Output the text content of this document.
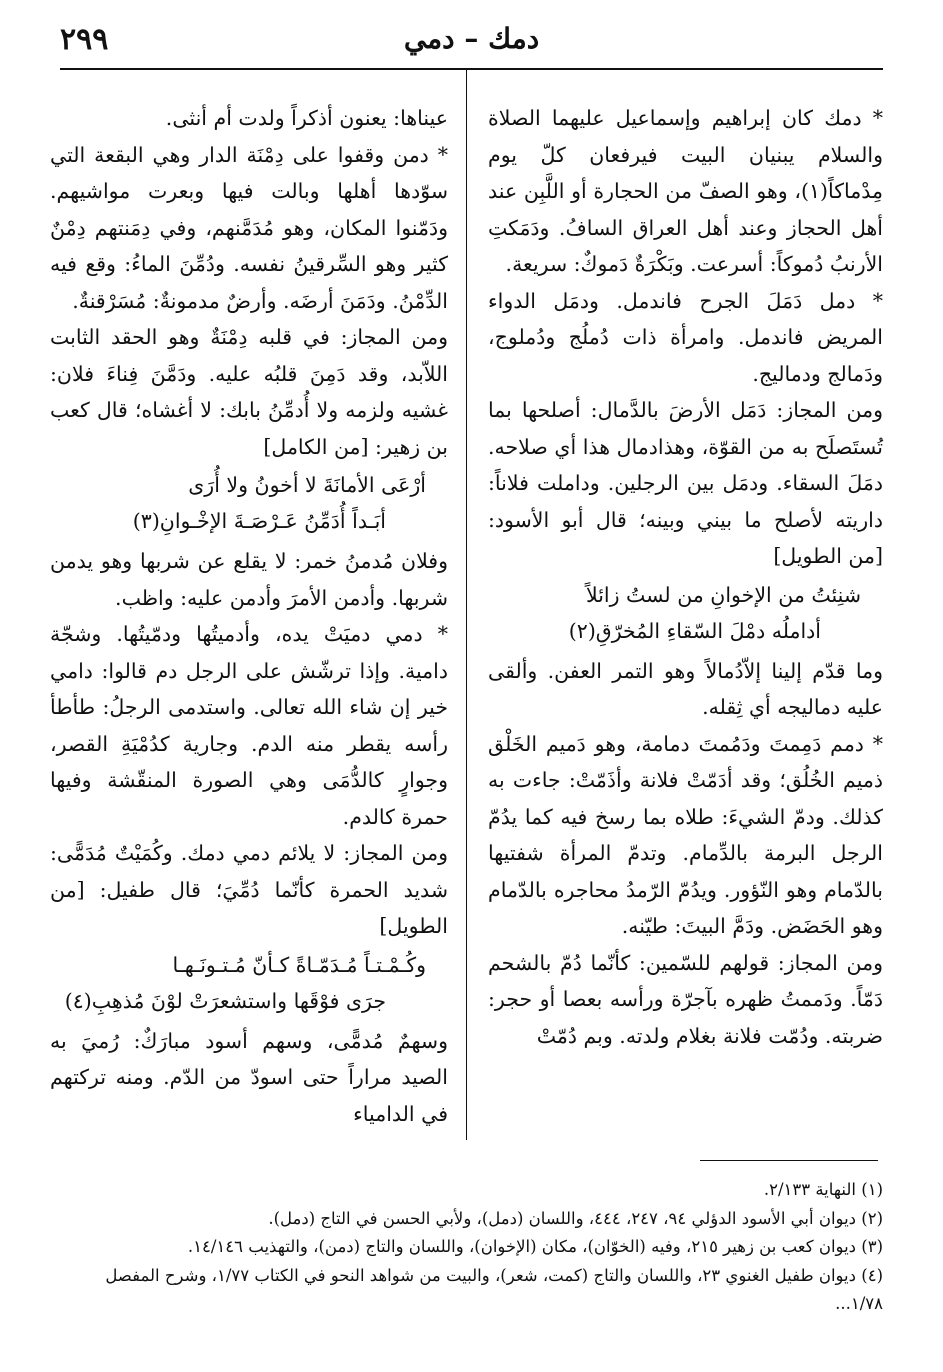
٢٩٩	دمك – دمي

* دمك كان إبراهيم وإسماعيل عليهما الصلاة والسلام يبنيان البيت فيرفعان كلّ يوم مِدْماكاً(١)، وهو الصفّ من الحجارة أو اللَّبِن عند أهل الحجاز وعند أهل العراق السافُ. ودَمَكتِ الأرنبُ دُموكاً: أسرعت. وبَكْرَةٌ دَموكٌ: سريعة.

* دمل دَمَلَ الجرح فاندمل. ودمَل الدواء المريض فاندمل. وامرأة ذات دُملُج ودُملوج، ودَمالج ودماليج.

ومن المجاز: دَمَل الأرضَ بالدَّمال: أصلحها بما تُستَصلَح به من القوّة، وهذادمال هذا أي صلاحه. دمَلَ السقاء. ودمَل بين الرجلين. وداملت فلاناً: داريته لأصلح ما بيني وبينه؛ قال أبو الأسود: [من الطويل]

شنِئتُ من الإخوانِ من لستُ زائلاً
أداملُه دمْلَ السّقاءِ المُخرّقِ(٢)

وما قدّم إلينا إلاّدُمالاً وهو التمر العفن. وألقى عليه دماليجه أي ثِقله.

* دمم دَمِمتَ ودَمُمتَ دمامة، وهو دَميم الخَلْق ذميم الخُلُق؛ وقد أدَمّتْ فلانة وأذَمّتْ: جاءت به كذلك. ودمّ الشيءَ: طلاه بما رسخ فيه كما يدُمّ الرجل البرمة بالدِّمام. وتدمّ المرأة شفتيها بالدّمام وهو النّؤور. ويدُمّ الرّمدُ محاجره بالدّمام وهو الحَضَض. ودَمَّ البيتَ: طيّنه.

ومن المجاز: قولهم للسّمين: كأنّما دُمّ بالشحم دَمّاً. ودَممتُ ظهره بآجرّة ورأسه بعصا أو حجر: ضربته. ودُمّت فلانة بغلام ولدته. وبم دُمّتْ

عيناها: يعنون أذكراً ولدت أم أنثى.

* دمن وقفوا على دِمْنَة الدار وهي البقعة التي سوّدها أهلها وبالت فيها وبعرت مواشيهم. ودَمّنوا المكان، وهو مُدَمَّنهم، وفي دِمَنتهم دِمْنٌ كثير وهو السِّرقينُ نفسه. ودُمِّنَ الماءُ: وقع فيه الدِّمْنُ. ودَمَنَ أرضَه. وأرضٌ مدمونةٌ: مُسَرْقنةٌ.

ومن المجاز: في قلبه دِمْنَةٌ وهو الحقد الثابت اللاّبد، وقد دَمِنَ قلبُه عليه. ودَمَّنَ فِناءَ فلان: غشيه ولزمه ولا أُدمِّنُ بابك: لا أغشاه؛ قال كعب بن زهير: [من الكامل]

أرْعَى الأمانَةَ لا أخونُ ولا أُرَى
أبَـداً أُدَمِّنُ عَـرْصَـةَ الإخْـوانِ(٣)

وفلان مُدمنُ خمر: لا يقلع عن شربها وهو يدمن شربها. وأدمن الأمرَ وأدمن عليه: واظب.

* دمي دميَتْ يده، وأدميتُها ودمّيتُها. وشجّة دامية. وإذا ترشّش على الرجل دم قالوا: دامي خير إن شاء الله تعالى. واستدمى الرجلُ: طأطأ رأسه يقطر منه الدم. وجارية كدُمْيَةِ القصر، وجوارٍ كالدُّمَى وهي الصورة المنقّشة وفيها حمرة كالدم.

ومن المجاز: لا يلائم دمي دمك. وكُمَيْتٌ مُدَمًّى: شديد الحمرة كأنّما دُمِّيَ؛ قال طفيل: [من الطويل]

وكُـمْـتـاً مُـدَمّـاةً كـأنّ مُـتـونَـهـا
جرَى فوْقَها واستشعرَتْ لوْنَ مُذهِبِ(٤)

وسهمٌ مُدمًّى، وسهم أسود مبارَكٌ: رُميَ به الصيد مراراً حتى اسودّ من الدّم. ومنه تركتهم في الدامياء

(١) النهاية ٢/١٣٣.

(٢) ديوان أبي الأسود الدؤلي ٩٤، ٢٤٧، ٤٤٤، واللسان (دمل)، ولأبي الحسن في التاج (دمل).

(٣) ديوان كعب بن زهير ٢١٥، وفيه (الخوّان)، مكان (الإخوان)، واللسان والتاج (دمن)، والتهذيب ١٤/١٤٦.

(٤) ديوان طفيل الغنوي ٢٣، واللسان والتاج (كمت، شعر)، والبيت من شواهد النحو في الكتاب ١/٧٧، وشرح المفصل ١/٧٨...
